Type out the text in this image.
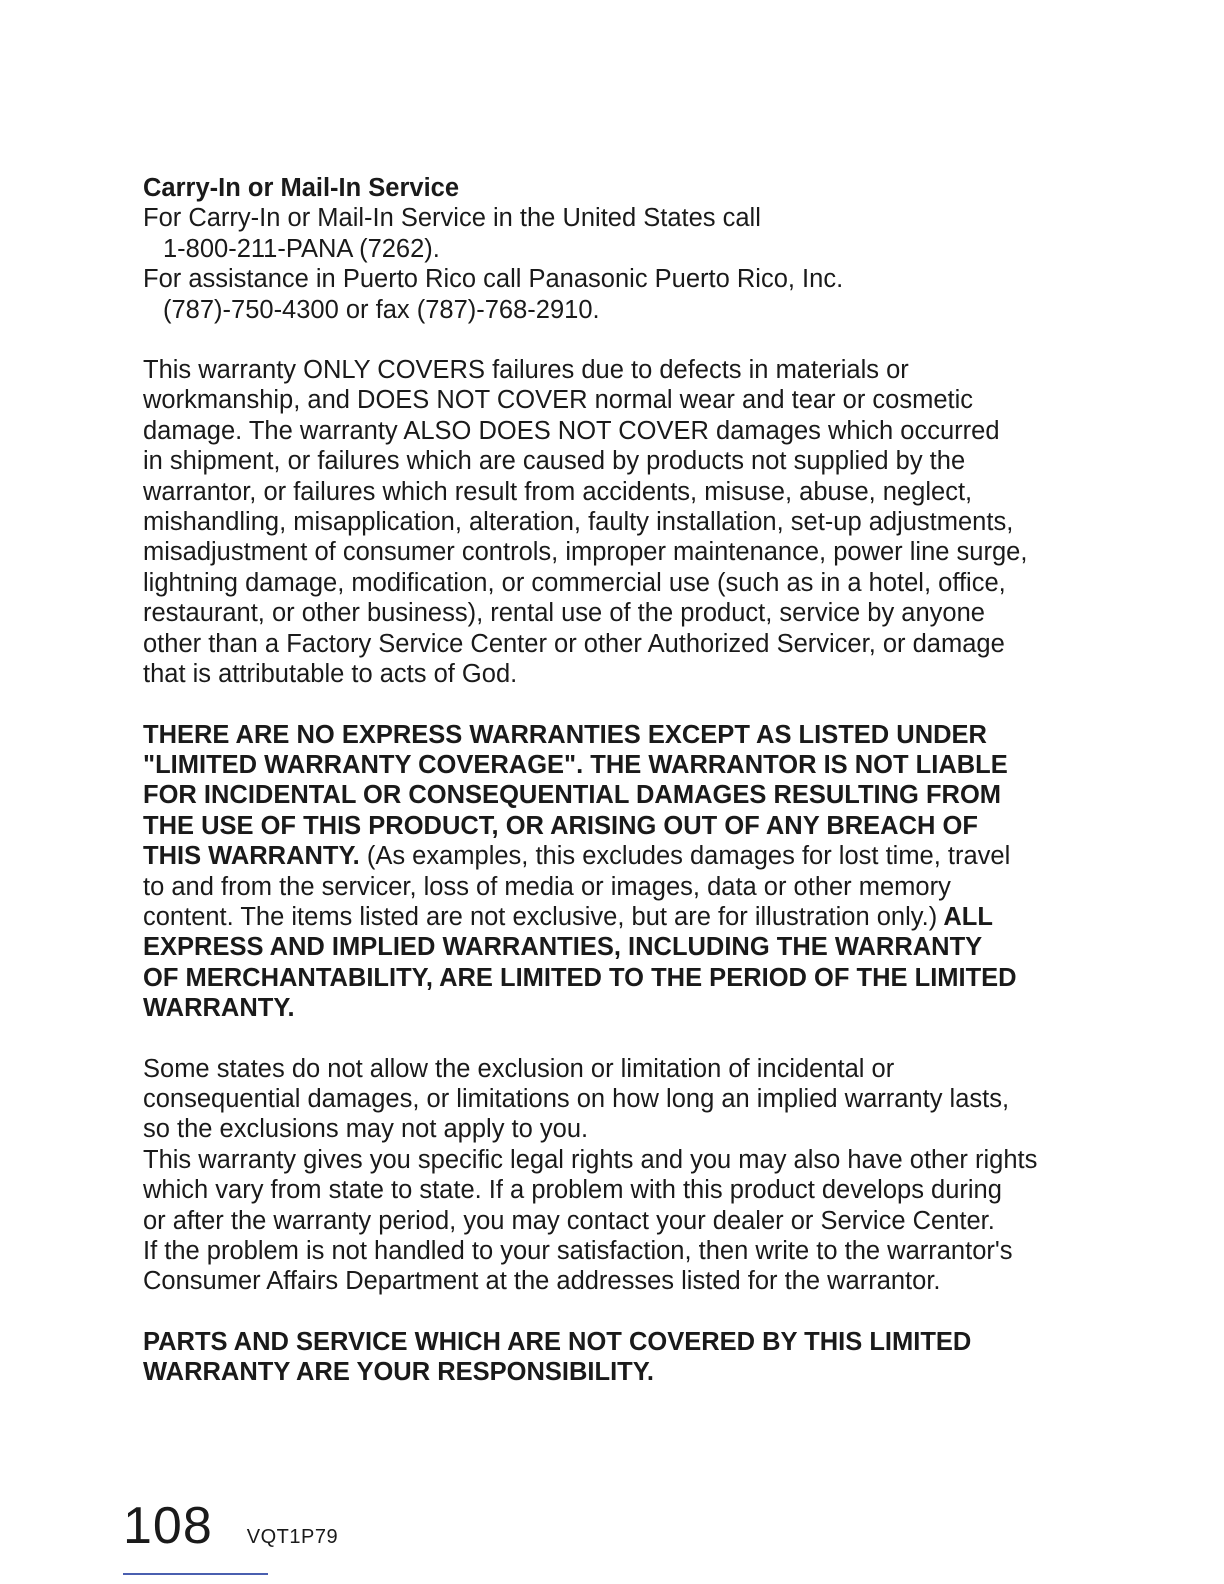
Carry-In or Mail-In Service

For Carry-In or Mail-In Service in the United States call

1-800-211-PANA (7262).

For assistance in Puerto Rico call Panasonic Puerto Rico, Inc.

(787)-750-4300 or fax (787)-768-2910.

This warranty ONLY COVERS failures due to defects in materials or
workmanship, and DOES NOT COVER normal wear and tear or cosmetic
damage. The warranty ALSO DOES NOT COVER damages which occurred
in shipment, or failures which are caused by products not supplied by the
warrantor, or failures which result from accidents, misuse, abuse, neglect,
mishandling, misapplication, alteration, faulty installation, set-up adjustments,
misadjustment of consumer controls, improper maintenance, power line surge,
lightning damage, modification, or commercial use (such as in a hotel, office,
restaurant, or other business), rental use of the product, service by anyone
other than a Factory Service Center or other Authorized Servicer, or damage
that is attributable to acts of God.
THERE ARE NO EXPRESS WARRANTIES EXCEPT AS LISTED UNDER
"LIMITED WARRANTY COVERAGE". THE WARRANTOR IS NOT LIABLE
FOR INCIDENTAL OR CONSEQUENTIAL DAMAGES RESULTING FROM
THE USE OF THIS PRODUCT, OR ARISING OUT OF ANY BREACH OF
THIS WARRANTY. (As examples, this excludes damages for lost time, travel
to and from the servicer, loss of media or images, data or other memory
content. The items listed are not exclusive, but are for illustration only.) ALL
EXPRESS AND IMPLIED WARRANTIES, INCLUDING THE WARRANTY
OF MERCHANTABILITY, ARE LIMITED TO THE PERIOD OF THE LIMITED
WARRANTY.
Some states do not allow the exclusion or limitation of incidental or
consequential damages, or limitations on how long an implied warranty lasts,
so the exclusions may not apply to you.
This warranty gives you specific legal rights and you may also have other rights
which vary from state to state. If a problem with this product develops during
or after the warranty period, you may contact your dealer or Service Center.
If the problem is not handled to your satisfaction, then write to the warrantor's
Consumer Affairs Department at the addresses listed for the warrantor.
PARTS AND SERVICE WHICH ARE NOT COVERED BY THIS LIMITED
WARRANTY ARE YOUR RESPONSIBILITY.
108 VQT1P79
